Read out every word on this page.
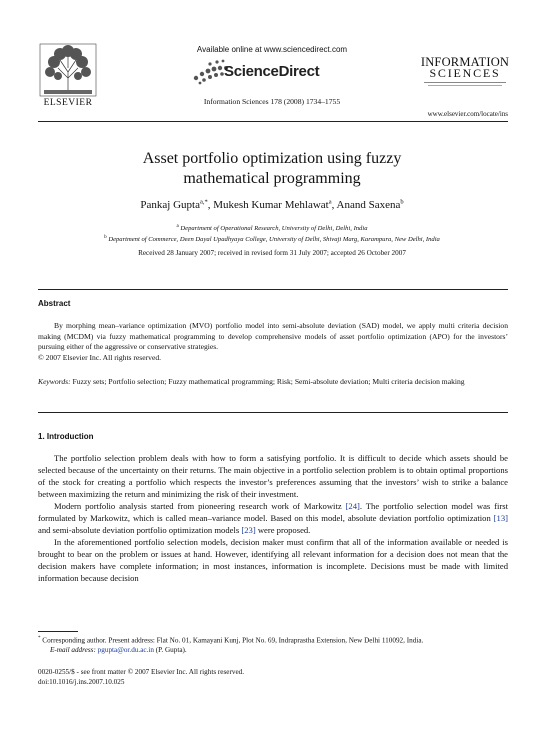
ELSEVIER
Available online at www.sciencedirect.com
ScienceDirect
Information Sciences 178 (2008) 1734–1755
INFORMATION
SCIENCES
www.elsevier.com/locate/ins
Asset portfolio optimization using fuzzy
mathematical programming
Pankaj Gupta$^{a,*}$, Mukesh Kumar Mehlawat$^a$, Anand Saxena$^b$
$^a$ Department of Operational Research, University of Delhi, Delhi, India
$^b$ Department of Commerce, Deen Dayal Upadhyaya College, University of Delhi, Shivaji Marg, Karampura, New Delhi, India
Received 28 January 2007; received in revised form 31 July 2007; accepted 26 October 2007
Abstract

By morphing mean–variance optimization (MVO) portfolio model into semi-absolute deviation (SAD) model, we apply multi criteria decision making (MCDM) via fuzzy mathematical programming to develop comprehensive models of asset portfolio optimization (APO) for the investors’ pursuing either of the aggressive or conservative strategies.

© 2007 Elsevier Inc. All rights reserved.

Keywords: Fuzzy sets; Portfolio selection; Fuzzy mathematical programming; Risk; Semi-absolute deviation; Multi criteria decision making
1. Introduction

The portfolio selection problem deals with how to form a satisfying portfolio. It is difficult to decide which assets should be selected because of the uncertainty on their returns. The main objective in a portfolio selection problem is to obtain optimal proportions of the stock for creating a portfolio which respects the investor’s preferences assuming that the investors’ wish to strike a balance between maximizing the return and minimizing the risk of their investment.

Modern portfolio analysis started from pioneering research work of Markowitz [24]. The portfolio selection model was first formulated by Markowitz, which is called mean–variance model. Based on this model, absolute deviation portfolio optimization [13] and semi-absolute deviation portfolio optimization models [23] were proposed.

In the aforementioned portfolio selection models, decision maker must confirm that all of the information available or needed is brought to bear on the problem or issues at hand. However, identifying all relevant information for a decision does not mean that the decision makers have complete information; in most instances, information is incomplete. Decisions must be made with limited information because decision

* Corresponding author. Present address: Flat No. 01, Kamayani Kunj, Plot No. 69, Indraprastha Extension, New Delhi 110092, India.
E-mail address: pgupta@or.du.ac.in (P. Gupta).
0020-0255/$ - see front matter © 2007 Elsevier Inc. All rights reserved.
doi:10.1016/j.ins.2007.10.025
